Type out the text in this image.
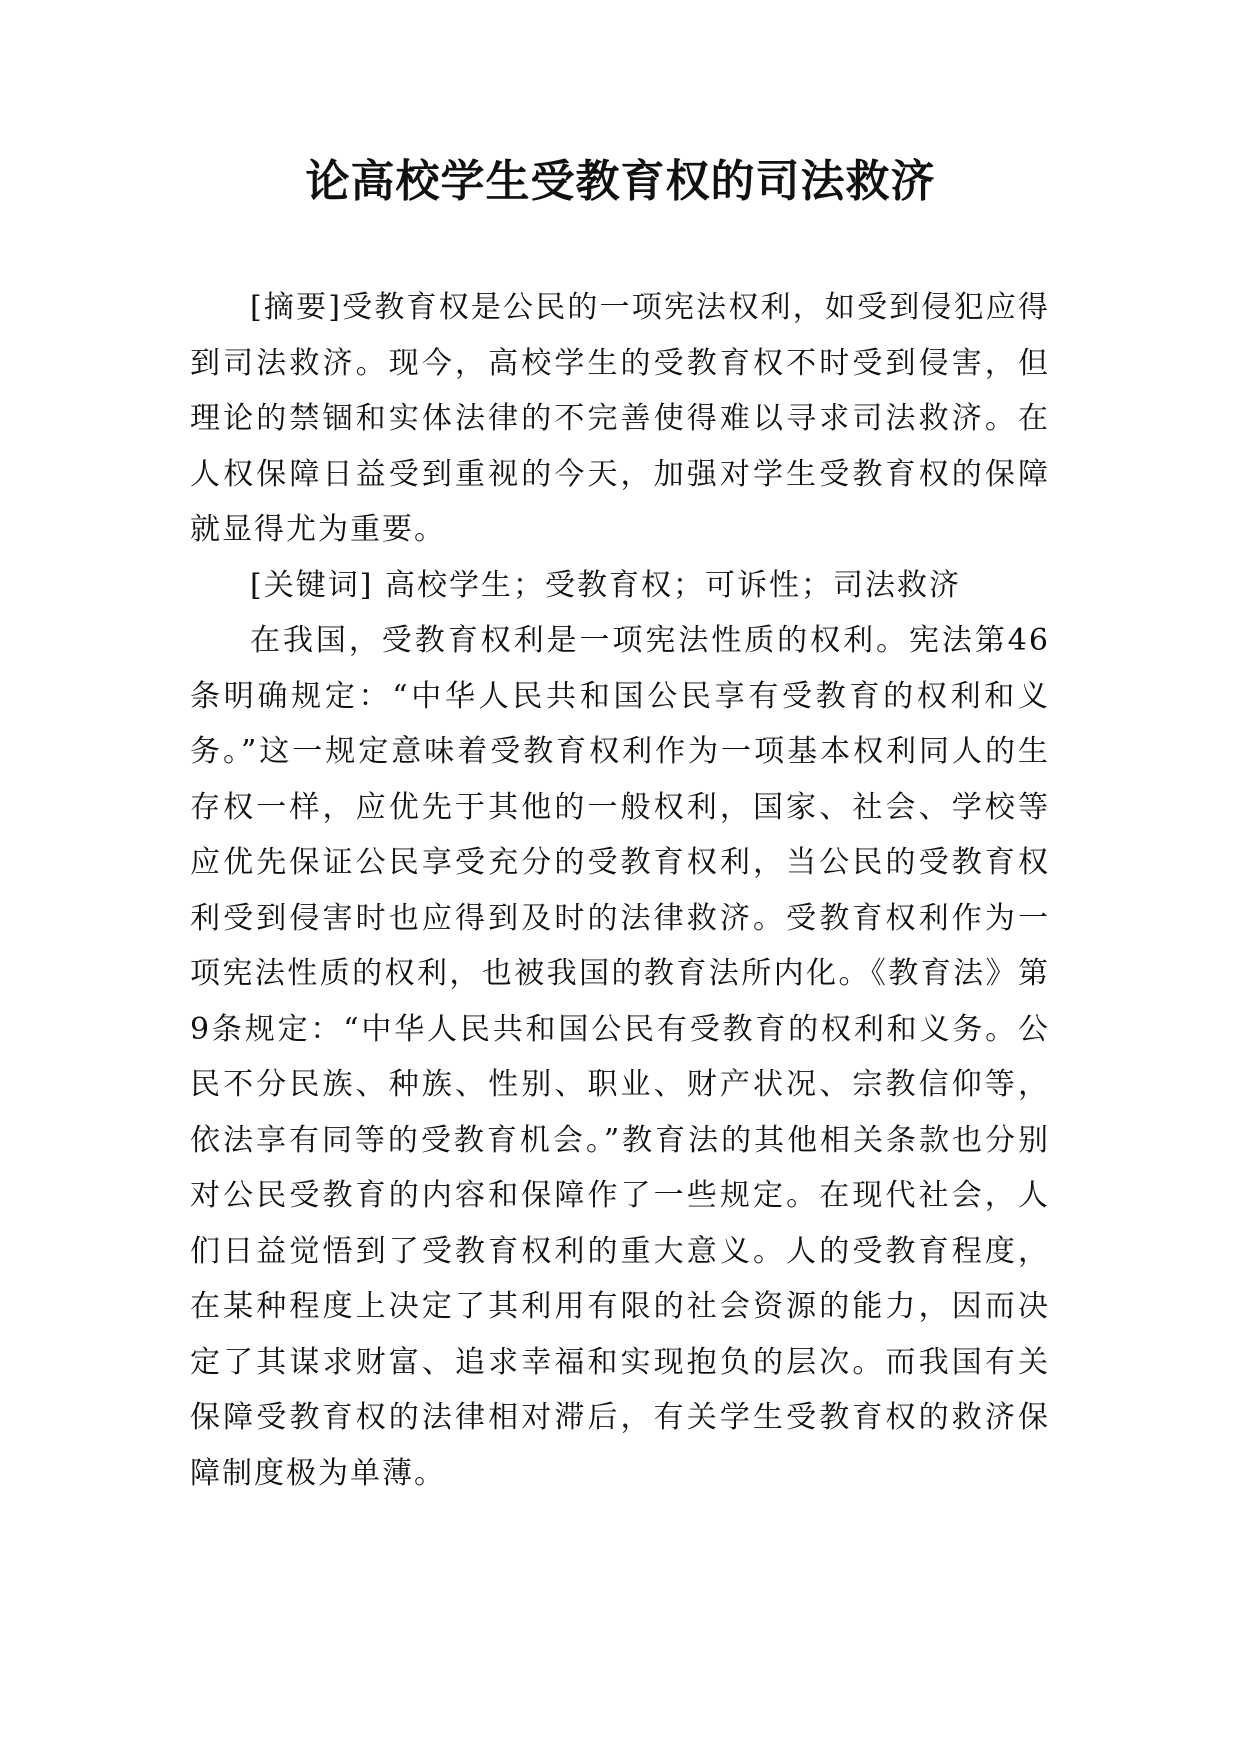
论高校学生受教育权的司法救济

[摘要]受教育权是公民的一项宪法权利，如受到侵犯应得到司法救济。现今，高校学生的受教育权不时受到侵害，但理论的禁锢和实体法律的不完善使得难以寻求司法救济。在人权保障日益受到重视的今天，加强对学生受教育权的保障就显得尤为重要。

[关键词] 高校学生；受教育权；可诉性；司法救济

在我国，受教育权利是一项宪法性质的权利。宪法第46条明确规定：“中华人民共和国公民享有受教育的权利和义务。”这一规定意味着受教育权利作为一项基本权利同人的生存权一样，应优先于其他的一般权利，国家、社会、学校等应优先保证公民享受充分的受教育权利，当公民的受教育权利受到侵害时也应得到及时的法律救济。受教育权利作为一项宪法性质的权利，也被我国的教育法所内化。《教育法》第9条规定：“中华人民共和国公民有受教育的权利和义务。公民不分民族、种族、性别、职业、财产状况、宗教信仰等，依法享有同等的受教育机会。”教育法的其他相关条款也分别对公民受教育的内容和保障作了一些规定。在现代社会，人们日益觉悟到了受教育权利的重大意义。人的受教育程度，在某种程度上决定了其利用有限的社会资源的能力，因而决定了其谋求财富、追求幸福和实现抱负的层次。而我国有关保障受教育权的法律相对滞后，有关学生受教育权的救济保障制度极为单薄。
